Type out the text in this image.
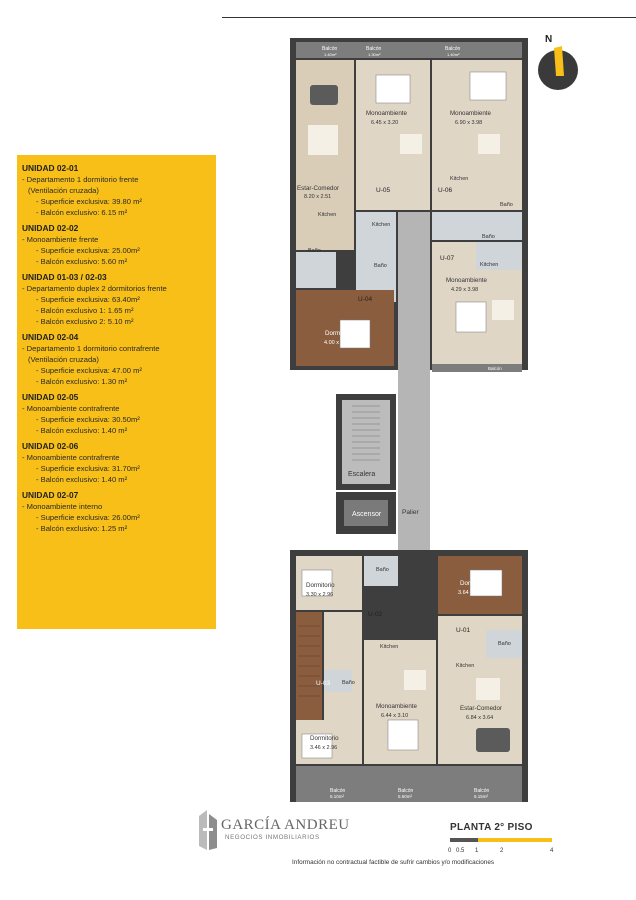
UNIDAD 02-01
- Departamento 1 dormitorio frente
(Ventilación cruzada)
- Superficie exclusiva: 39.80 m²
- Balcón exclusivo: 6.15 m²
UNIDAD 02-02
- Monoambiente frente
- Superficie exclusiva: 25.00m²
- Balcón exclusivo: 5.60 m²
UNIDAD 01-03 / 02-03
- Departamento duplex 2 dormitorios frente
- Superficie exclusiva: 63.40m²
- Balcón exclusivo 1: 1.65 m²
- Balcón exclusivo 2: 5.10 m²
UNIDAD 02-04
- Departamento 1 dormitorio contrafrente
(Ventilación cruzada)
- Superficie exclusiva: 47.00 m²
- Balcón exclusivo: 1.30 m²
UNIDAD 02-05
- Monoambiente contrafrente
- Superficie exclusiva: 30.50m²
- Balcón exclusivo: 1.40 m²
UNIDAD 02-06
- Monoambiente contrafrente
- Superficie exclusiva: 31.70m²
- Balcón exclusivo: 1.40 m²
UNIDAD 02-07
- Monoambiente interno
- Superficie exclusiva: 26.00m²
- Balcón exclusivo: 1.25 m²
Balcón
Balcón	Balcón
1.30m²
1.40m²	1.40m²
Estar-Comedor
8.20 x 2.51
Monoambiente
6.45 x 3.20
Monoambiente
6.90 x 3.98
Kitchen
Kitchen
Kitchen
Kitchen
U-05	U-06
U-04
U-07
Baño
Baño
Baño
Baño
Monoambiente
4.29 x 3.98
Dormitorio
4.00 x 2.60
Balcón
Escalera
Ascensor	Palier
Dormitorio
3.30 x 2.96
Baño
U-02
Kitchen
Dormitorio
3.64 x 2.60
U-01
Baño
Kitchen
U-03 Baño
Monoambiente
6.44 x 3.10
Estar-Comedor
6.84 x 3.64
Dormitorio
3.46 x 2.96
Balcón
5.10m²
Balcón
5.60m²
Balcón
6.15m²
N
GARCÍA ANDREU
NEGOCIOS INMOBILIARIOS
PLANTA 2° PISO
0 0.5 1	2	4
Información no contractual factible de sufrir cambios y/o modificaciones
